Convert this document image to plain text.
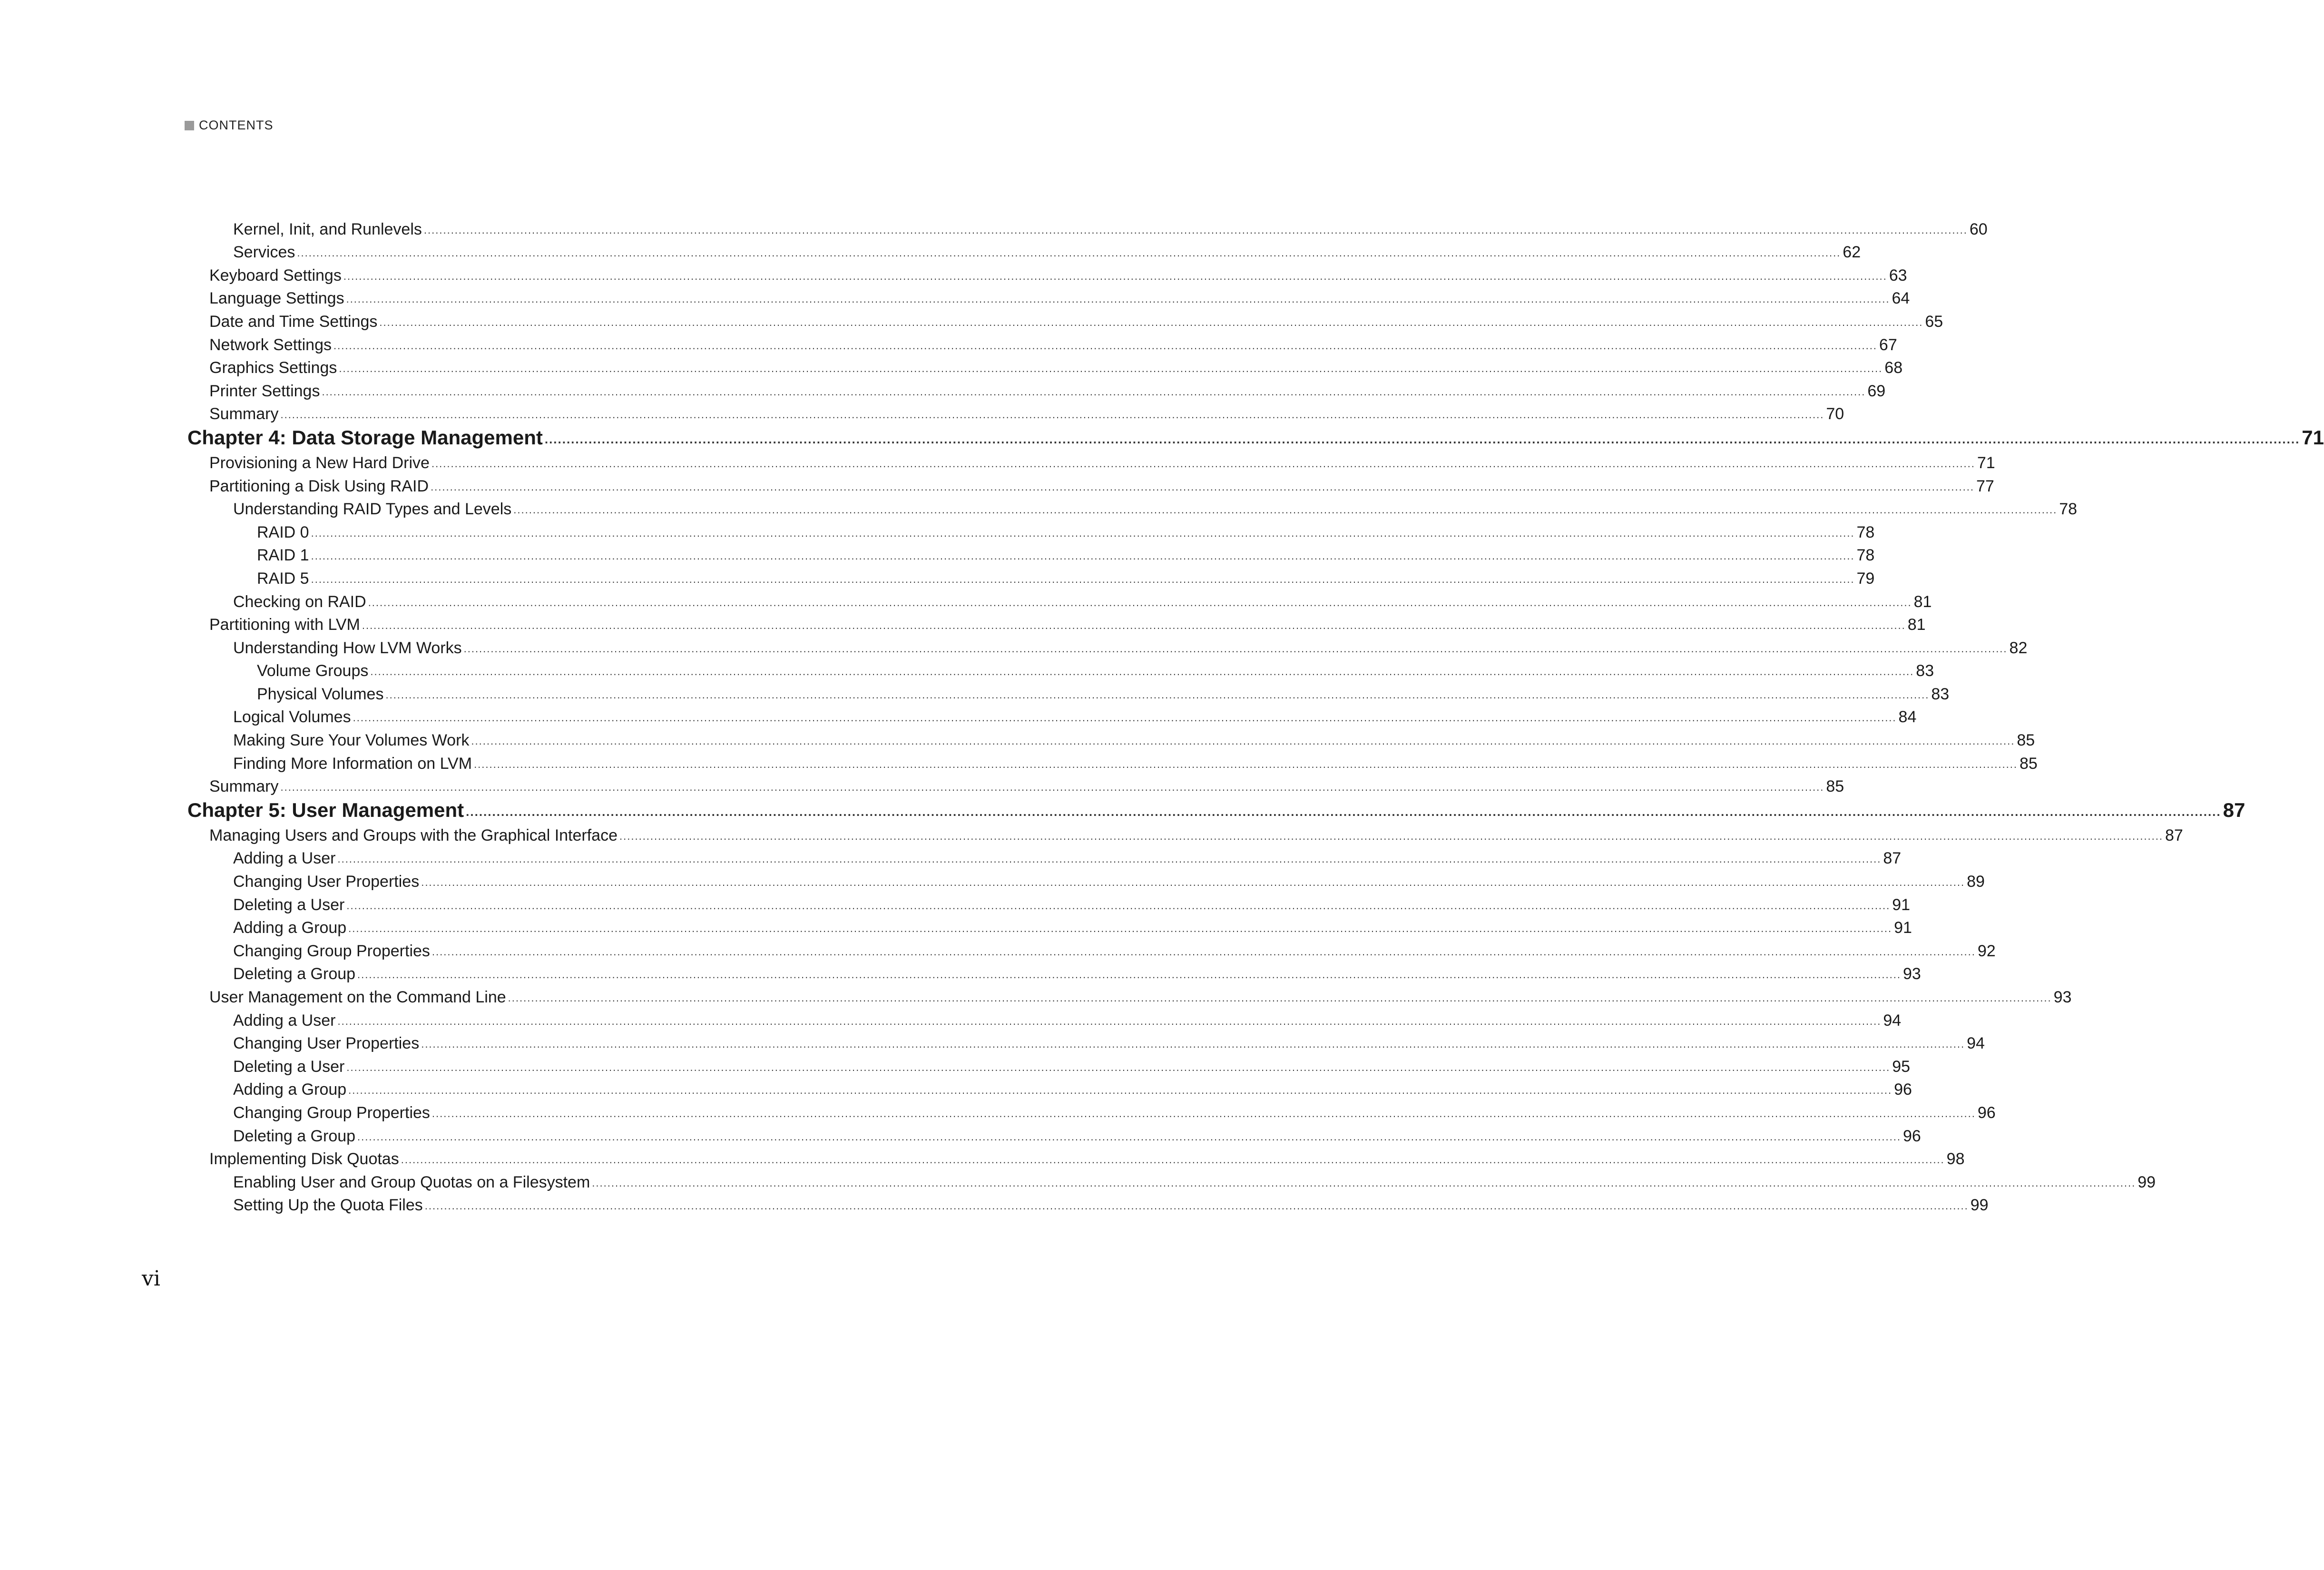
CONTENTS
Kernel, Init, and Runlevels ................................................................................................................................................................................................................................................................................................................................................................................................................ 60
Services ................................................................................................................................................................................................................................................................................................................................................................................................................ 62
Keyboard Settings ................................................................................................................................................................................................................................................................................................................................................................................................................ 63
Language Settings ................................................................................................................................................................................................................................................................................................................................................................................................................ 64
Date and Time Settings ................................................................................................................................................................................................................................................................................................................................................................................................................ 65
Network Settings ................................................................................................................................................................................................................................................................................................................................................................................................................ 67
Graphics Settings ................................................................................................................................................................................................................................................................................................................................................................................................................ 68
Printer Settings ................................................................................................................................................................................................................................................................................................................................................................................................................ 69
Summary ................................................................................................................................................................................................................................................................................................................................................................................................................ 70
Chapter 4: Data Storage Management ................................................................................................................................................................................................................................................................................................................................................................................................................ 71
Provisioning a New Hard Drive ................................................................................................................................................................................................................................................................................................................................................................................................................ 71
Partitioning a Disk Using RAID ................................................................................................................................................................................................................................................................................................................................................................................................................ 77
Understanding RAID Types and Levels ................................................................................................................................................................................................................................................................................................................................................................................................................ 78
RAID 0 ................................................................................................................................................................................................................................................................................................................................................................................................................ 78
RAID 1 ................................................................................................................................................................................................................................................................................................................................................................................................................ 78
RAID 5 ................................................................................................................................................................................................................................................................................................................................................................................................................ 79
Checking on RAID ................................................................................................................................................................................................................................................................................................................................................................................................................ 81
Partitioning with LVM ................................................................................................................................................................................................................................................................................................................................................................................................................ 81
Understanding How LVM Works ................................................................................................................................................................................................................................................................................................................................................................................................................ 82
Volume Groups ................................................................................................................................................................................................................................................................................................................................................................................................................ 83
Physical Volumes ................................................................................................................................................................................................................................................................................................................................................................................................................ 83
Logical Volumes ................................................................................................................................................................................................................................................................................................................................................................................................................ 84
Making Sure Your Volumes Work ................................................................................................................................................................................................................................................................................................................................................................................................................ 85
Finding More Information on LVM ................................................................................................................................................................................................................................................................................................................................................................................................................ 85
Summary ................................................................................................................................................................................................................................................................................................................................................................................................................ 85
Chapter 5: User Management ................................................................................................................................................................................................................................................................................................................................................................................................................ 87
Managing Users and Groups with the Graphical Interface ................................................................................................................................................................................................................................................................................................................................................................................................................ 87
Adding a User ................................................................................................................................................................................................................................................................................................................................................................................................................ 87
Changing User Properties ................................................................................................................................................................................................................................................................................................................................................................................................................ 89
Deleting a User ................................................................................................................................................................................................................................................................................................................................................................................................................ 91
Adding a Group ................................................................................................................................................................................................................................................................................................................................................................................................................ 91
Changing Group Properties ................................................................................................................................................................................................................................................................................................................................................................................................................ 92
Deleting a Group ................................................................................................................................................................................................................................................................................................................................................................................................................ 93
User Management on the Command Line ................................................................................................................................................................................................................................................................................................................................................................................................................ 93
Adding a User ................................................................................................................................................................................................................................................................................................................................................................................................................ 94
Changing User Properties ................................................................................................................................................................................................................................................................................................................................................................................................................ 94
Deleting a User ................................................................................................................................................................................................................................................................................................................................................................................................................ 95
Adding a Group ................................................................................................................................................................................................................................................................................................................................................................................................................ 96
Changing Group Properties ................................................................................................................................................................................................................................................................................................................................................................................................................ 96
Deleting a Group ................................................................................................................................................................................................................................................................................................................................................................................................................ 96
Implementing Disk Quotas ................................................................................................................................................................................................................................................................................................................................................................................................................ 98
Enabling User and Group Quotas on a Filesystem ................................................................................................................................................................................................................................................................................................................................................................................................................ 99
Setting Up the Quota Files ................................................................................................................................................................................................................................................................................................................................................................................................................ 99
vi
